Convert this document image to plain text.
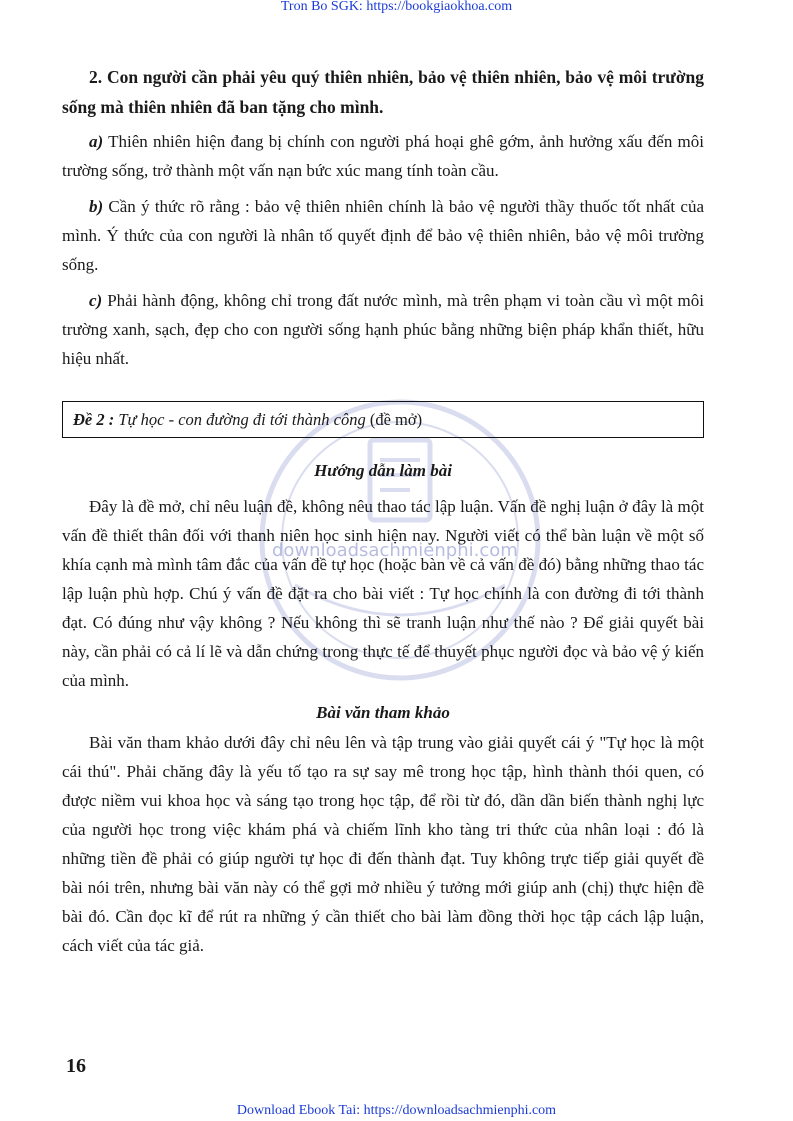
Tron Bo SGK: https://bookgiaokhoa.com
downloadsachmienphi.com

2. Con người cần phải yêu quý thiên nhiên, bảo vệ thiên nhiên, bảo vệ môi trường sống mà thiên nhiên đã ban tặng cho mình.

a) Thiên nhiên hiện đang bị chính con người phá hoại ghê gớm, ảnh hưởng xấu đến môi trường sống, trở thành một vấn nạn bức xúc mang tính toàn cầu.

b) Cần ý thức rõ rằng : bảo vệ thiên nhiên chính là bảo vệ người thầy thuốc tốt nhất của mình. Ý thức của con người là nhân tố quyết định để bảo vệ thiên nhiên, bảo vệ môi trường sống.

c) Phải hành động, không chỉ trong đất nước mình, mà trên phạm vi toàn cầu vì một môi trường xanh, sạch, đẹp cho con người sống hạnh phúc bằng những biện pháp khẩn thiết, hữu hiệu nhất.

Đề 2 : Tự học - con đường đi tới thành công (đề mở)

Hướng dẫn làm bài

Đây là đề mở, chỉ nêu luận đề, không nêu thao tác lập luận. Vấn đề nghị luận ở đây là một vấn đề thiết thân đối với thanh niên học sinh hiện nay. Người viết có thể bàn luận về một số khía cạnh mà mình tâm đắc của vấn đề tự học (hoặc bàn về cả vấn đề đó) bằng những thao tác lập luận phù hợp. Chú ý vấn đề đặt ra cho bài viết : Tự học chính là con đường đi tới thành đạt. Có đúng như vậy không ? Nếu không thì sẽ tranh luận như thế nào ? Để giải quyết bài này, cần phải có cả lí lẽ và dẫn chứng trong thực tế để thuyết phục người đọc và bảo vệ ý kiến của mình.

Bài văn tham khảo

Bài văn tham khảo dưới đây chỉ nêu lên và tập trung vào giải quyết cái ý "Tự học là một cái thú". Phải chăng đây là yếu tố tạo ra sự say mê trong học tập, hình thành thói quen, có được niềm vui khoa học và sáng tạo trong học tập, để rồi từ đó, dần dần biến thành nghị lực của người học trong việc khám phá và chiếm lĩnh kho tàng tri thức của nhân loại : đó là những tiền đề phải có giúp người tự học đi đến thành đạt. Tuy không trực tiếp giải quyết đề bài nói trên, nhưng bài văn này có thể gợi mở nhiều ý tưởng mới giúp anh (chị) thực hiện đề bài đó. Cần đọc kĩ để rút ra những ý cần thiết cho bài làm đồng thời học tập cách lập luận, cách viết của tác giả.

16
Download Ebook Tai: https://downloadsachmienphi.com
